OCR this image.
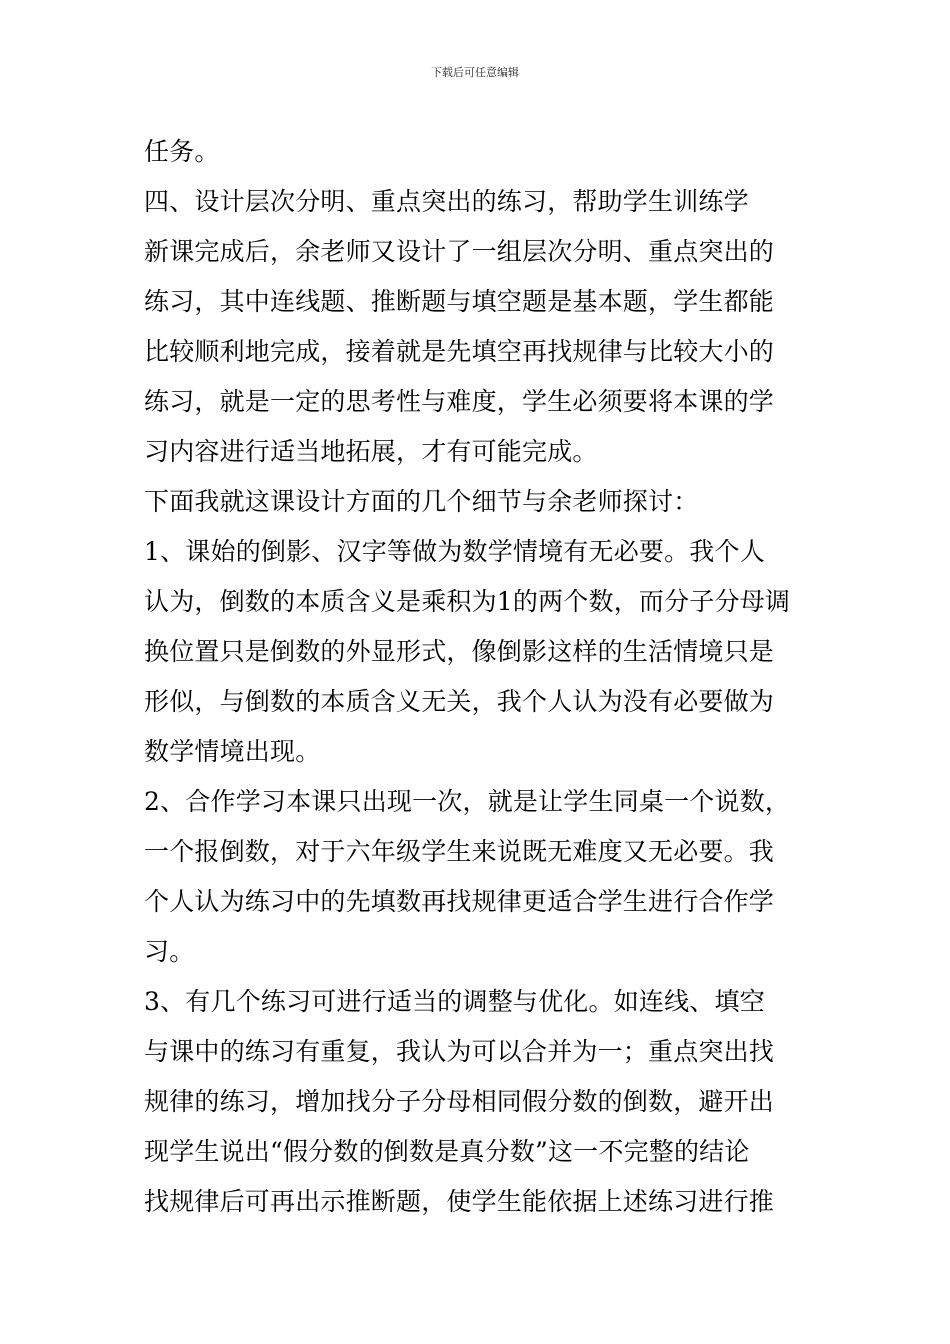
下载后可任意编辑
任务。
四、设计层次分明、重点突出的练习，帮助学生训练学
新课完成后，余老师又设计了一组层次分明、重点突出的
练习，其中连线题、推断题与填空题是基本题，学生都能
比较顺利地完成，接着就是先填空再找规律与比较大小的
练习，就是一定的思考性与难度，学生必须要将本课的学
习内容进行适当地拓展，才有可能完成。
下面我就这课设计方面的几个细节与余老师探讨：
1、课始的倒影、汉字等做为数学情境有无必要。我个人
认为，倒数的本质含义是乘积为1的两个数，而分子分母调
换位置只是倒数的外显形式，像倒影这样的生活情境只是
形似，与倒数的本质含义无关，我个人认为没有必要做为
数学情境出现。
2、合作学习本课只出现一次，就是让学生同桌一个说数，
一个报倒数，对于六年级学生来说既无难度又无必要。我
个人认为练习中的先填数再找规律更适合学生进行合作学
习。
3、有几个练习可进行适当的调整与优化。如连线、填空
与课中的练习有重复，我认为可以合并为一；重点突出找
规律的练习，增加找分子分母相同假分数的倒数，避开出
现学生说出“假分数的倒数是真分数”这一不完整的结论
找规律后可再出示推断题，使学生能依据上述练习进行推
